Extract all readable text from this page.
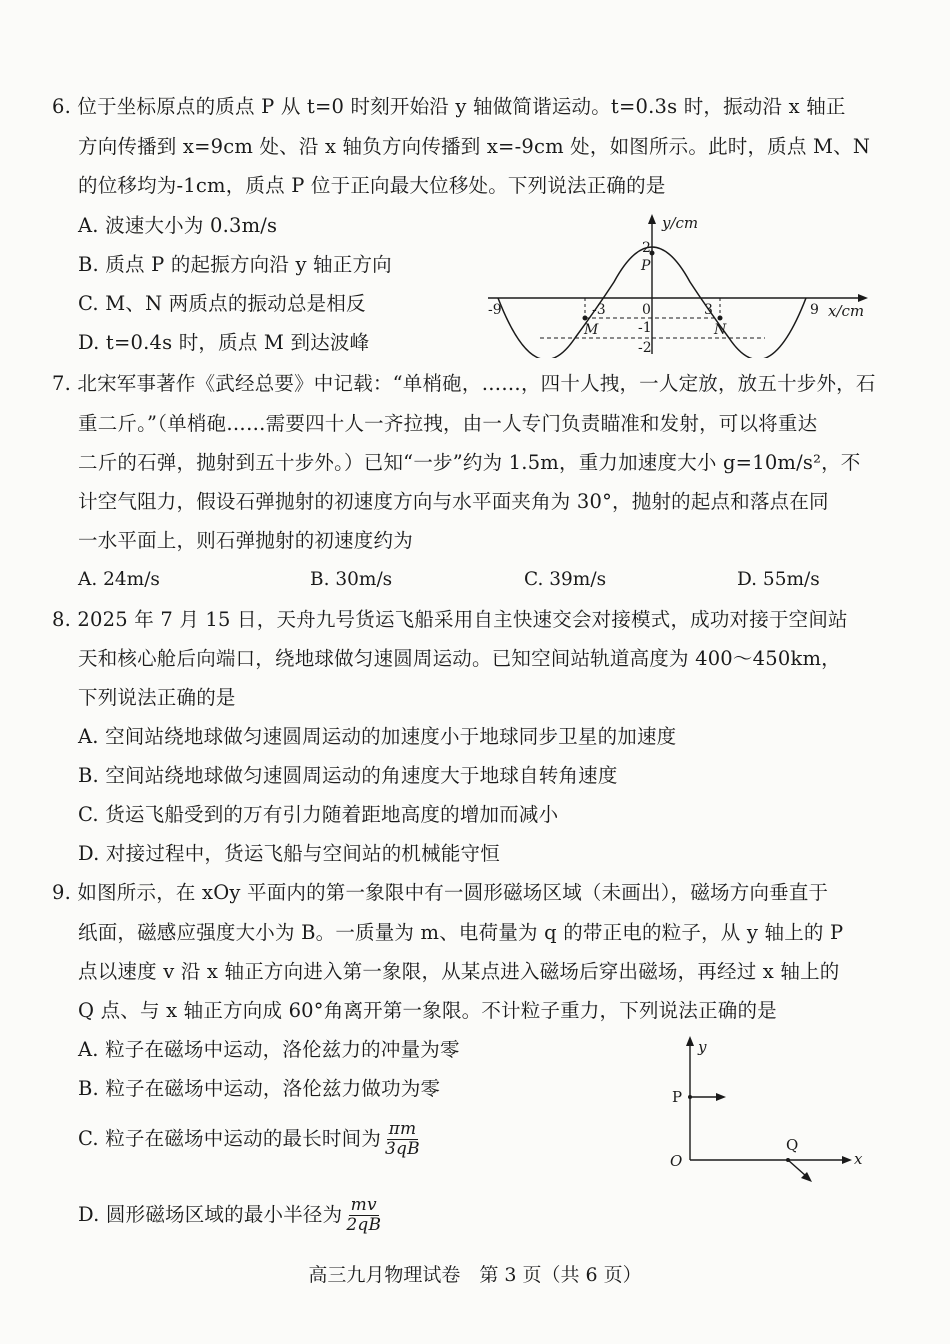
6. 位于坐标原点的质点 P 从 t=0 时刻开始沿 y 轴做简谐运动。t=0.3s 时，振动沿 x 轴正
方向传播到 x=9cm 处、沿 x 轴负方向传播到 x=-9cm 处，如图所示。此时，质点 M、N
的位移均为-1cm，质点 P 位于正向最大位移处。下列说法正确的是
A. 波速大小为 0.3m/s
B. 质点 P 的起振方向沿 y 轴正方向
C. M、N 两质点的振动总是相反
D. t=0.4s 时，质点 M 到达波峰
y/cm
x/cm
2
P
-9	-3	0	3	9
-1
-2
M	N
7. 北宋军事著作《武经总要》中记载：“单梢砲，……，四十人拽，一人定放，放五十步外，石
重二斤。”（单梢砲……需要四十人一齐拉拽，由一人专门负责瞄准和发射，可以将重达
二斤的石弹，抛射到五十步外。）已知“一步”约为 1.5m，重力加速度大小 g=10m/s²，不
计空气阻力，假设石弹抛射的初速度方向与水平面夹角为 30°，抛射的起点和落点在同
一水平面上，则石弹抛射的初速度约为
A. 24m/s	B. 30m/s	C. 39m/s	D. 55m/s
8. 2025 年 7 月 15 日，天舟九号货运飞船采用自主快速交会对接模式，成功对接于空间站
天和核心舱后向端口，绕地球做匀速圆周运动。已知空间站轨道高度为 400～450km，
下列说法正确的是
A. 空间站绕地球做匀速圆周运动的加速度小于地球同步卫星的加速度
B. 空间站绕地球做匀速圆周运动的角速度大于地球自转角速度
C. 货运飞船受到的万有引力随着距地高度的增加而减小
D. 对接过程中，货运飞船与空间站的机械能守恒
9. 如图所示，在 xOy 平面内的第一象限中有一圆形磁场区域（未画出），磁场方向垂直于
纸面，磁感应强度大小为 B。一质量为 m、电荷量为 q 的带正电的粒子，从 y 轴上的 P
点以速度 v 沿 x 轴正方向进入第一象限，从某点进入磁场后穿出磁场，再经过 x 轴上的
Q 点、与 x 轴正方向成 60°角离开第一象限。不计粒子重力，下列说法正确的是
A. 粒子在磁场中运动，洛伦兹力的冲量为零
B. 粒子在磁场中运动，洛伦兹力做功为零
C. 粒子在磁场中运动的最长时间为 $\frac{\pi m}{3qB}$
D. 圆形磁场区域的最小半径为 $\frac{mv}{2qB}$
y
x
O
P
Q
高三九月物理试卷　第 3 页（共 6 页）
